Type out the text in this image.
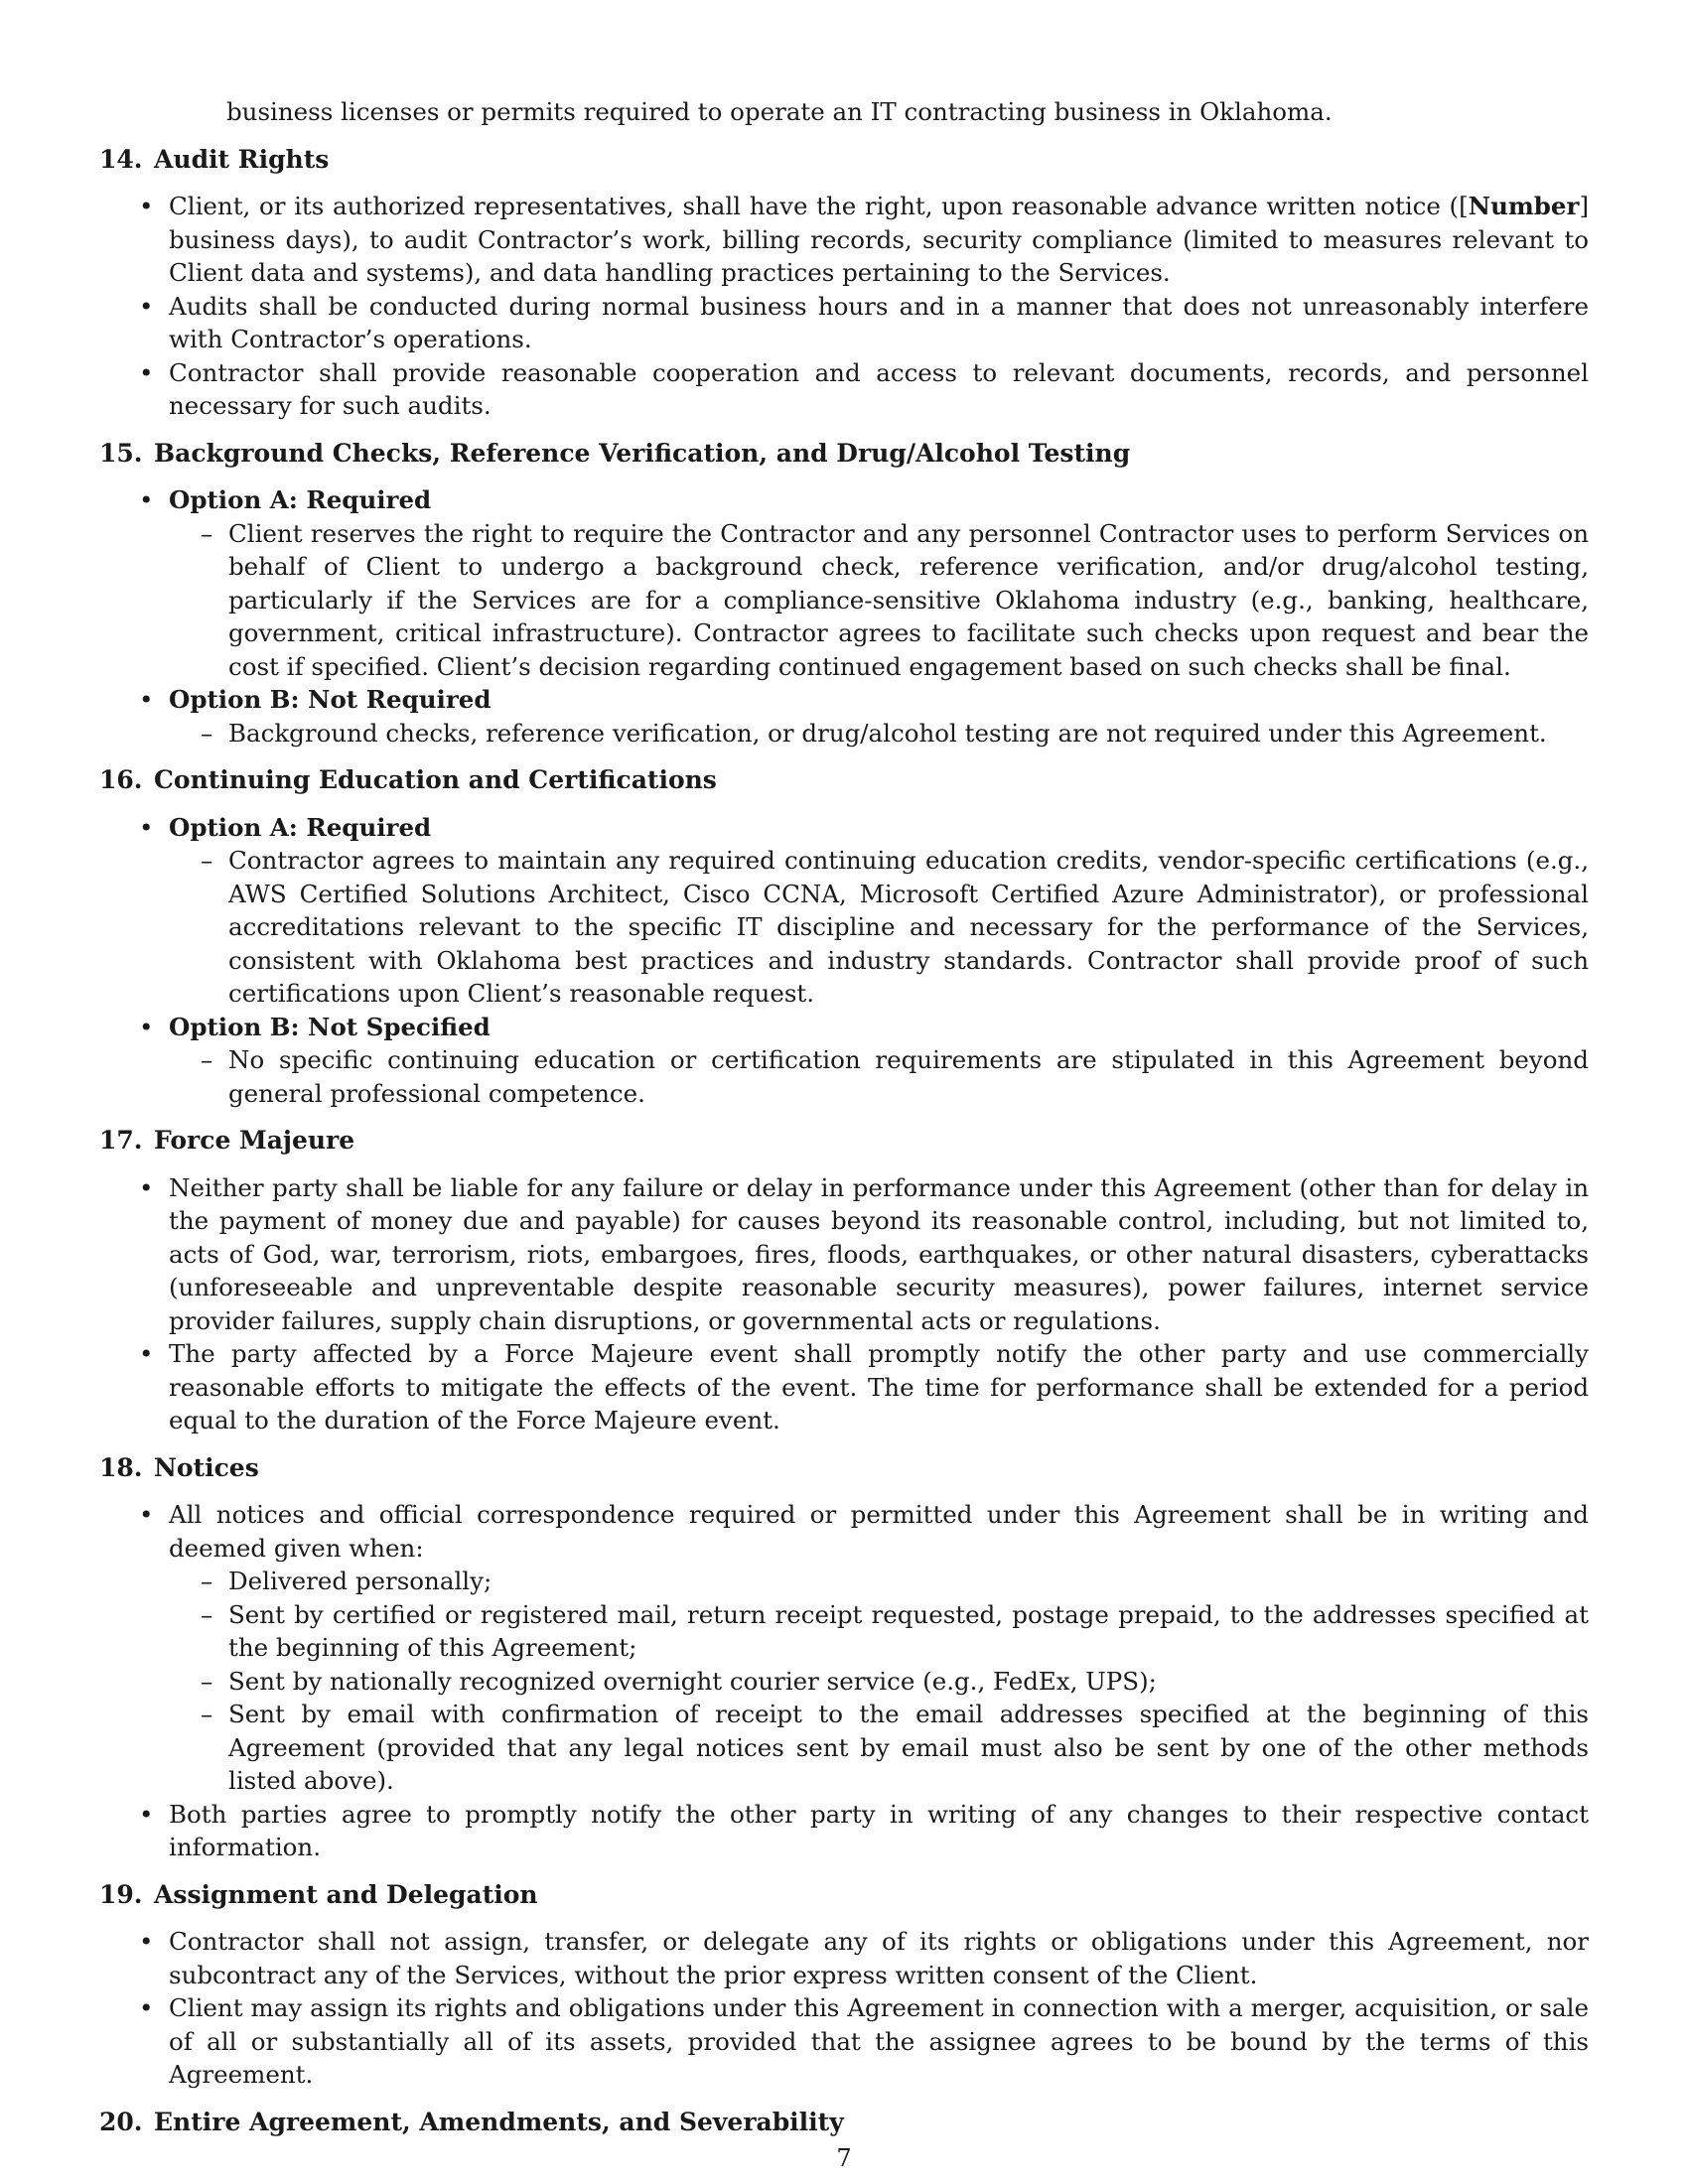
business licenses or permits required to operate an IT contracting business in Oklahoma.

14. Audit Rights
• Client, or its authorized representatives, shall have the right, upon reasonable advance written notice ([Number] business days), to audit Contractor’s work, billing records, security compliance (limited to measures relevant to Client data and systems), and data handling practices pertaining to the Services.
• Audits shall be conducted during normal business hours and in a manner that does not unreasonably interfere with Contractor’s operations.
• Contractor shall provide reasonable cooperation and access to relevant documents, records, and personnel necessary for such audits.
15. Background Checks, Reference Verification, and Drug/Alcohol Testing
• Option A: Required
– Client reserves the right to require the Contractor and any personnel Contractor uses to perform Services on behalf of Client to undergo a background check, reference verification, and/or drug/alcohol testing, particularly if the Services are for a compliance-sensitive Oklahoma industry (e.g., banking, healthcare, government, critical infrastructure). Contractor agrees to facilitate such checks upon request and bear the cost if specified. Client’s decision regarding continued engagement based on such checks shall be final.
• Option B: Not Required
– Background checks, reference verification, or drug/alcohol testing are not required under this Agreement.
16. Continuing Education and Certifications
• Option A: Required
– Contractor agrees to maintain any required continuing education credits, vendor-specific certifications (e.g., AWS Certified Solutions Architect, Cisco CCNA, Microsoft Certified Azure Administrator), or professional accreditations relevant to the specific IT discipline and necessary for the performance of the Services, consistent with Oklahoma best practices and industry standards. Contractor shall provide proof of such certifications upon Client’s reasonable request.
• Option B: Not Specified
– No specific continuing education or certification requirements are stipulated in this Agreement beyond general professional competence.
17. Force Majeure
• Neither party shall be liable for any failure or delay in performance under this Agreement (other than for delay in the payment of money due and payable) for causes beyond its reasonable control, including, but not limited to, acts of God, war, terrorism, riots, embargoes, fires, floods, earthquakes, or other natural disasters, cyberattacks (unforeseeable and unpreventable despite reasonable security measures), power failures, internet service provider failures, supply chain disruptions, or governmental acts or regulations.
• The party affected by a Force Majeure event shall promptly notify the other party and use commercially reasonable efforts to mitigate the effects of the event. The time for performance shall be extended for a period equal to the duration of the Force Majeure event.
18. Notices
• All notices and official correspondence required or permitted under this Agreement shall be in writing and deemed given when:
– Delivered personally;
– Sent by certified or registered mail, return receipt requested, postage prepaid, to the addresses specified at the beginning of this Agreement;
– Sent by nationally recognized overnight courier service (e.g., FedEx, UPS);
– Sent by email with confirmation of receipt to the email addresses specified at the beginning of this Agreement (provided that any legal notices sent by email must also be sent by one of the other methods listed above).
• Both parties agree to promptly notify the other party in writing of any changes to their respective contact information.
19. Assignment and Delegation
• Contractor shall not assign, transfer, or delegate any of its rights or obligations under this Agreement, nor subcontract any of the Services, without the prior express written consent of the Client.
• Client may assign its rights and obligations under this Agreement in connection with a merger, acquisition, or sale of all or substantially all of its assets, provided that the assignee agrees to be bound by the terms of this Agreement.
20. Entire Agreement, Amendments, and Severability
7
